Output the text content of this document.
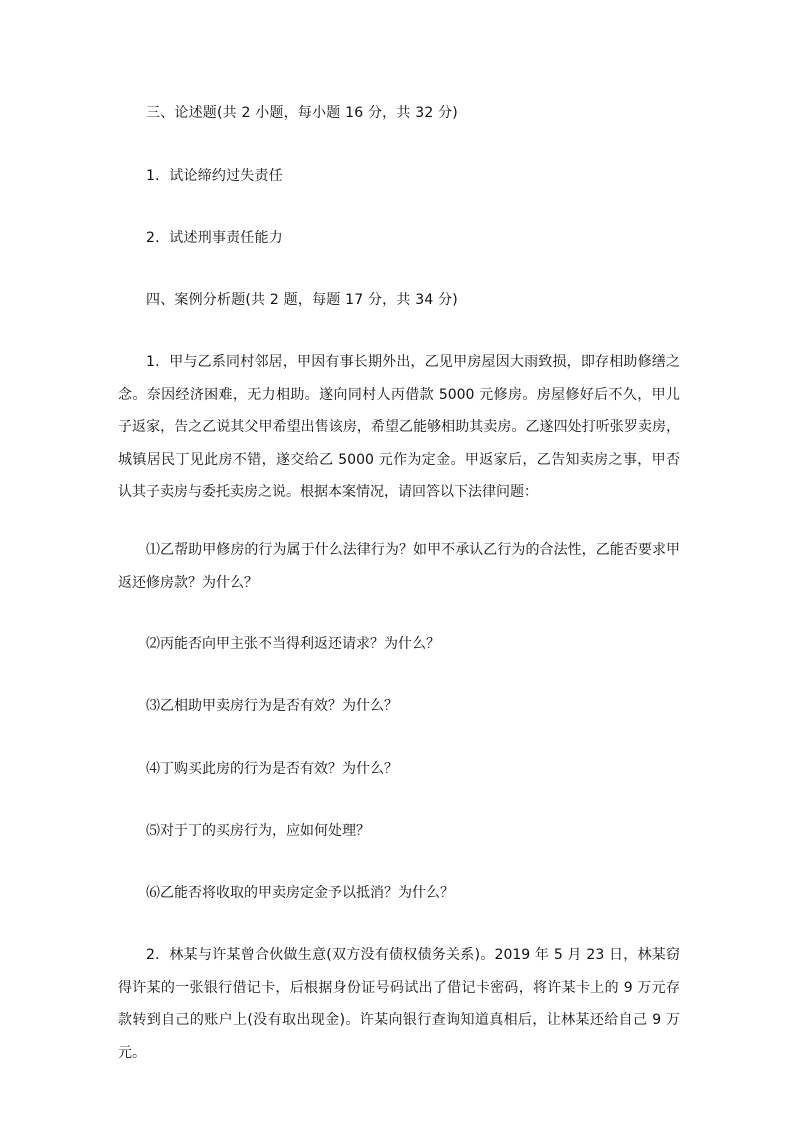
三、论述题(共 2 小题，每小题 16 分，共 32 分)
1．试论缔约过失责任
2．试述刑事责任能力
四、案例分析题(共 2 题，每题 17 分，共 34 分)

1．甲与乙系同村邻居，甲因有事长期外出，乙见甲房屋因大雨致损，即存相助修缮之念。奈因经济困难，无力相助。遂向同村人丙借款 5000 元修房。房屋修好后不久，甲儿子返家，告之乙说其父甲希望出售该房，希望乙能够相助其卖房。乙遂四处打听张罗卖房，城镇居民丁见此房不错，遂交给乙 5000 元作为定金。甲返家后，乙告知卖房之事，甲否认其子卖房与委托卖房之说。根据本案情况，请回答以下法律问题：

⑴乙帮助甲修房的行为属于什么法律行为？如甲不承认乙行为的合法性，乙能否要求甲返还修房款？为什么？

⑵丙能否向甲主张不当得利返还请求？为什么？

⑶乙相助甲卖房行为是否有效？为什么？

⑷丁购买此房的行为是否有效？为什么？

⑸对于丁的买房行为，应如何处理？

⑹乙能否将收取的甲卖房定金予以抵消？为什么？

2．林某与许某曾合伙做生意(双方没有债权债务关系)。2019 年 5 月 23 日，林某窃得许某的一张银行借记卡，后根据身份证号码试出了借记卡密码，将许某卡上的 9 万元存款转到自己的账户上(没有取出现金)。许某向银行查询知道真相后，让林某还给自己 9 万元。
